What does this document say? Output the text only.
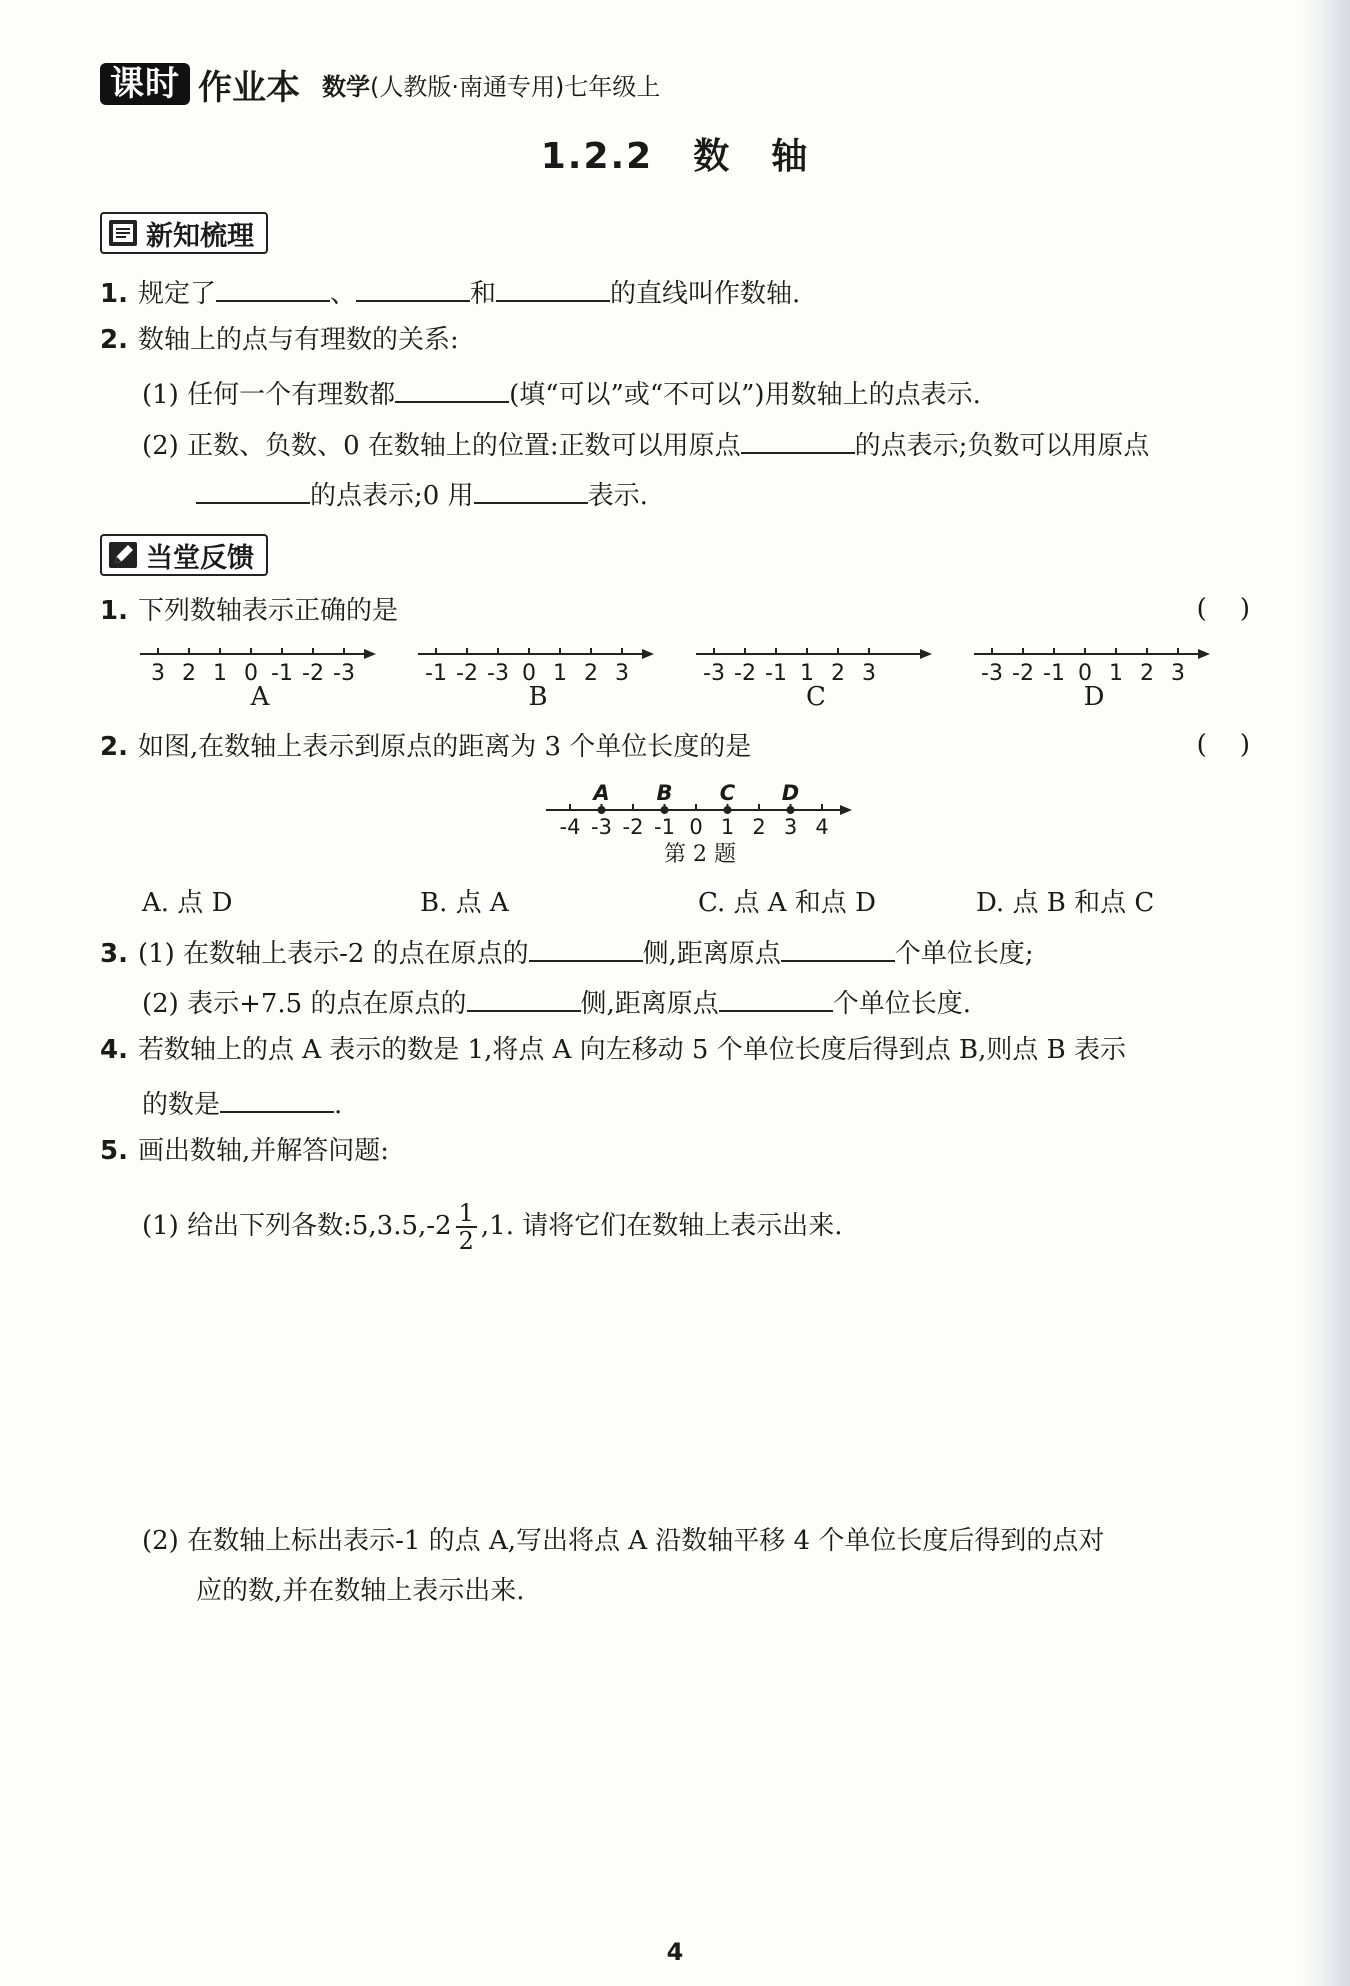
课时 作业本 数学(人教版·南通专用)七年级上
1.2.2 数 轴
新知梳理
1. 规定了	、	和	的直线叫作数轴.
2. 数轴上的点与有理数的关系:
(1) 任何一个有理数都	(填“可以”或“不可以”)用数轴上的点表示.
(2) 正数、负数、0 在数轴上的位置:正数可以用原点	的点表示;负数可以用原点
的点表示;0 用	表示.
当堂反馈
1. 下列数轴表示正确的是	(    )
3 2 1 0 -1 -2 -3	-1 -2 -3 0 1 2 3	-3 -2 -1 1 2 3	-3 -2 -1 0 1 2 3
A	B	C	D
2. 如图,在数轴上表示到原点的距离为 3 个单位长度的是	(    )
-4 -3 -2 -1 0 1 2 3 4
A B C D
第 2 题
A. 点 D	B. 点 A	C. 点 A 和点 D	D. 点 B 和点 C
3. (1) 在数轴上表示-2 的点在原点的	侧,距离原点	个单位长度;
(2) 表示+7.5 的点在原点的	侧,距离原点	个单位长度.
4. 若数轴上的点 A 表示的数是 1,将点 A 向左移动 5 个单位长度后得到点 B,则点 B 表示
的数是	.
5. 画出数轴,并解答问题:
(1) 给出下列各数:5,3.5,-2 $\frac{1}{2} ,1$. 请将它们在数轴上表示出来.
(2) 在数轴上标出表示-1 的点 A,写出将点 A 沿数轴平移 4 个单位长度后得到的点对
应的数,并在数轴上表示出来.
4
